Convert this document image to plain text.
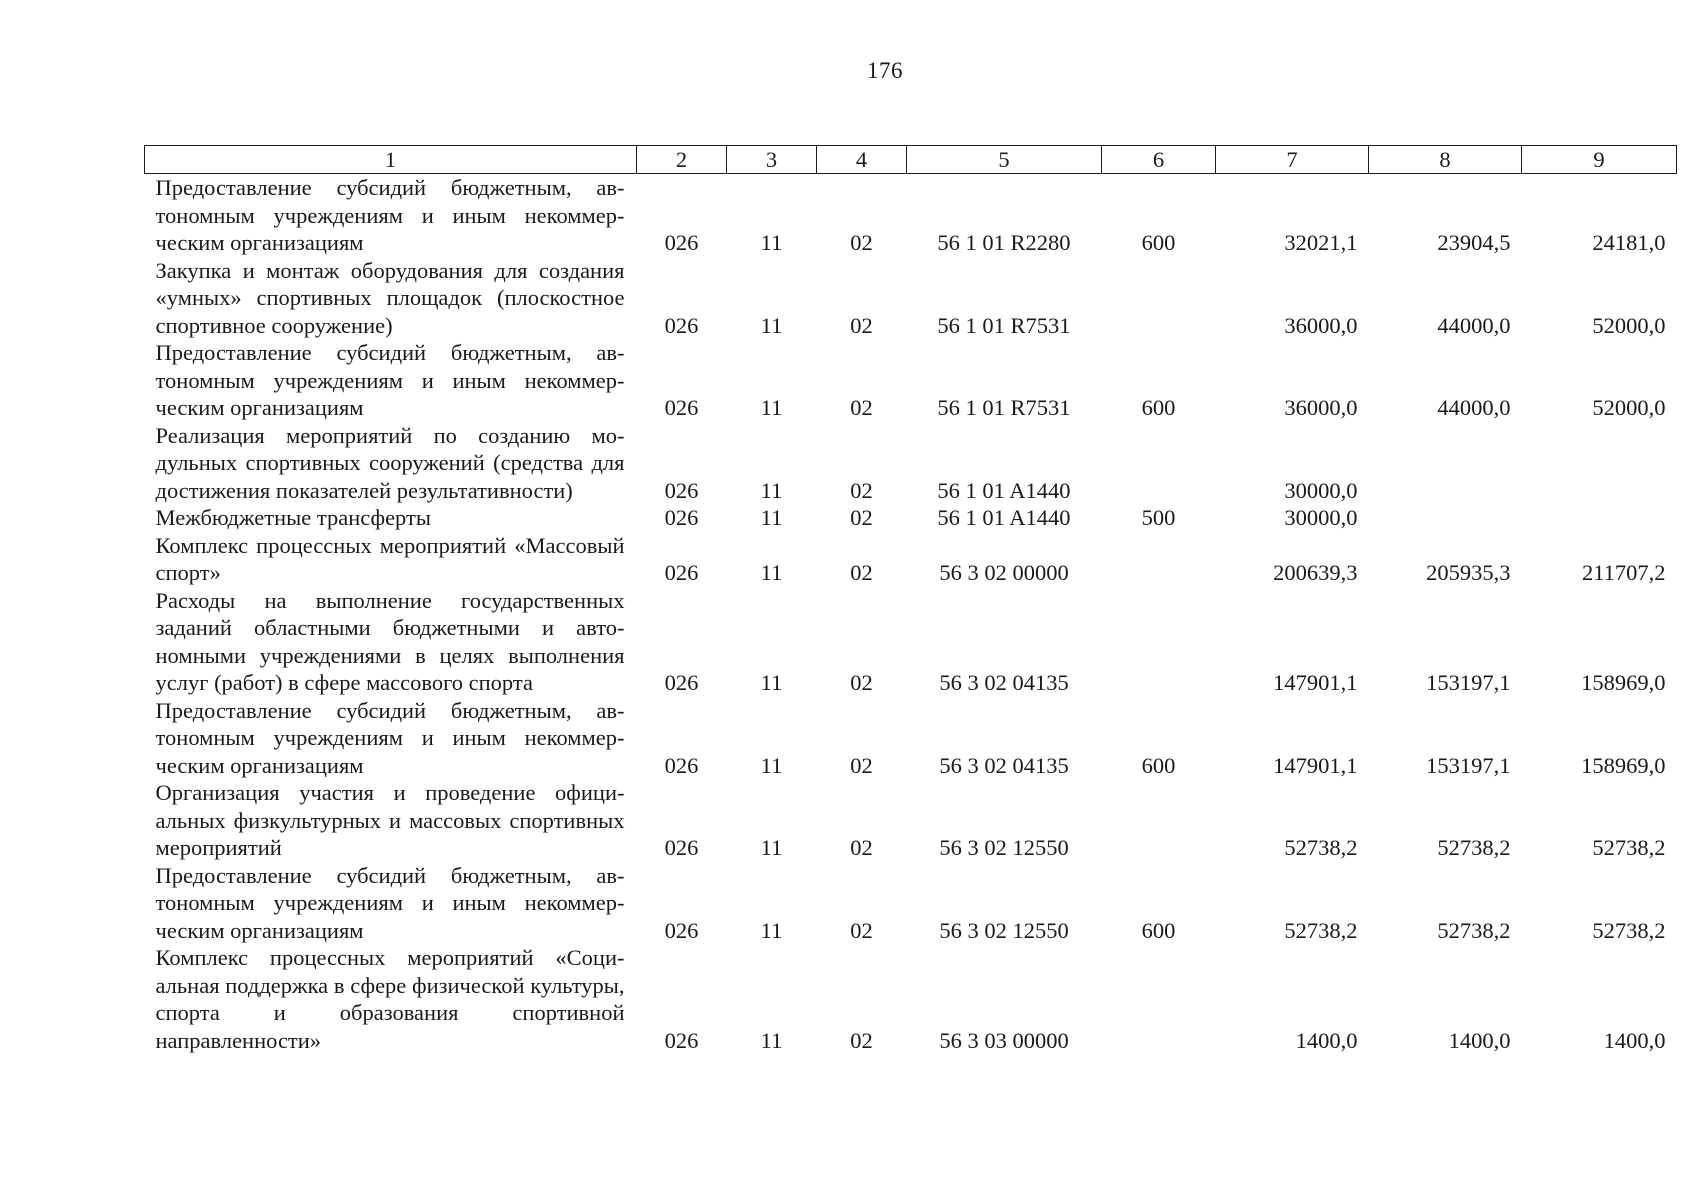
176
1	2	3	4	5	6	7	8	9
Предоставление субсидий бюджетным, автономным учреждениям и иным некоммерческим организациям	026	11	02	56 1 01 R2280	600	32021,1	23904,5	24181,0
Закупка и монтаж оборудования для создания «умных» спортивных площадок (плоскостное спортивное сооружение)	026	11	02	56 1 01 R7531		36000,0	44000,0	52000,0
Предоставление субсидий бюджетным, автономным учреждениям и иным некоммерческим организациям	026	11	02	56 1 01 R7531	600	36000,0	44000,0	52000,0
Реализация мероприятий по созданию модульных спортивных сооружений (средства для достижения показателей результативности)	026	11	02	56 1 01 A1440		30000,0		
Межбюджетные трансферты	026	11	02	56 1 01 A1440	500	30000,0		
Комплекс процессных мероприятий «Массовый спорт»	026	11	02	56 3 02 00000		200639,3	205935,3	211707,2
Расходы на выполнение государственных заданий областными бюджетными и автономными учреждениями в целях выполнения услуг (работ) в сфере массового спорта	026	11	02	56 3 02 04135		147901,1	153197,1	158969,0
Предоставление субсидий бюджетным, автономным учреждениям и иным некоммерческим организациям	026	11	02	56 3 02 04135	600	147901,1	153197,1	158969,0
Организация участия и проведение официальных физкультурных и массовых спортивных мероприятий	026	11	02	56 3 02 12550		52738,2	52738,2	52738,2
Предоставление субсидий бюджетным, автономным учреждениям и иным некоммерческим организациям	026	11	02	56 3 02 12550	600	52738,2	52738,2	52738,2
Комплекс процессных мероприятий «Социальная поддержка в сфере физической культуры, спорта и образования спортивной направленности»	026	11	02	56 3 03 00000		1400,0	1400,0	1400,0
